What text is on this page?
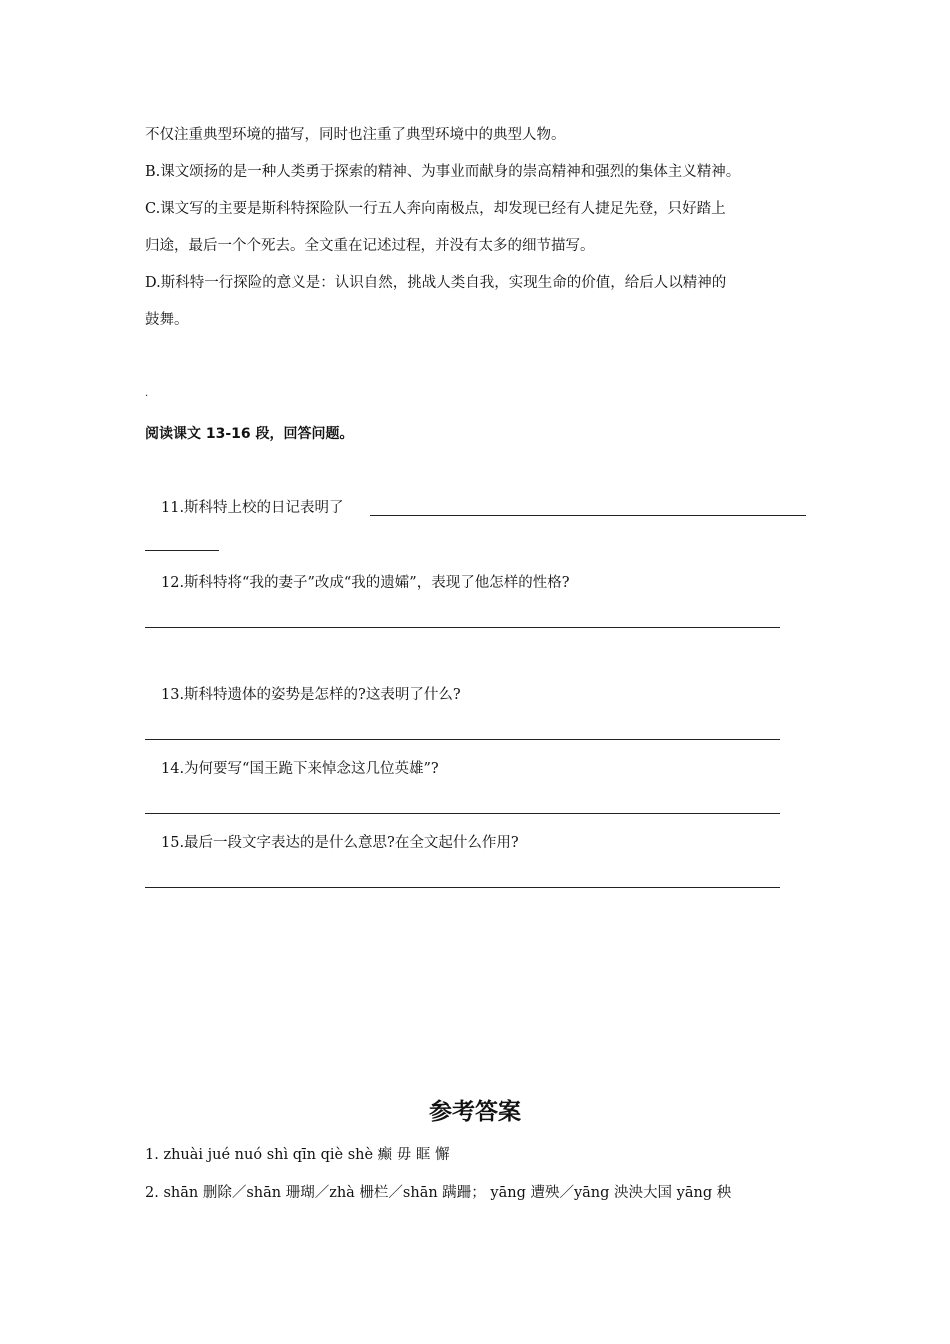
不仅注重典型环境的描写，同时也注重了典型环境中的典型人物。
B.课文颂扬的是一种人类勇于探索的精神、为事业而献身的崇高精神和强烈的集体主义精神。
C.课文写的主要是斯科特探险队一行五人奔向南极点，却发现已经有人捷足先登，只好踏上
归途，最后一个个死去。全文重在记述过程，并没有太多的细节描写。
D.斯科特一行探险的意义是：认识自然，挑战人类自我，实现生命的价值，给后人以精神的
鼓舞。
.
阅读课文 13-16 段，回答问题。
11.斯科特上校的日记表明了
12.斯科特将“我的妻子”改成“我的遗孀”，表现了他怎样的性格?
13.斯科特遗体的姿势是怎样的?这表明了什么?
14.为何要写“国王跪下来悼念这几位英雄”?
15.最后一段文字表达的是什么意思?在全文起什么作用?
参考答案
1. zhuài jué nuó shì qīn qiè shè 癫 毋 眶 懈
2. shān 删除／shān 珊瑚／zhà 栅栏／shān 蹒跚； yāng 遭殃／yāng 泱泱大国 yāng 秧
